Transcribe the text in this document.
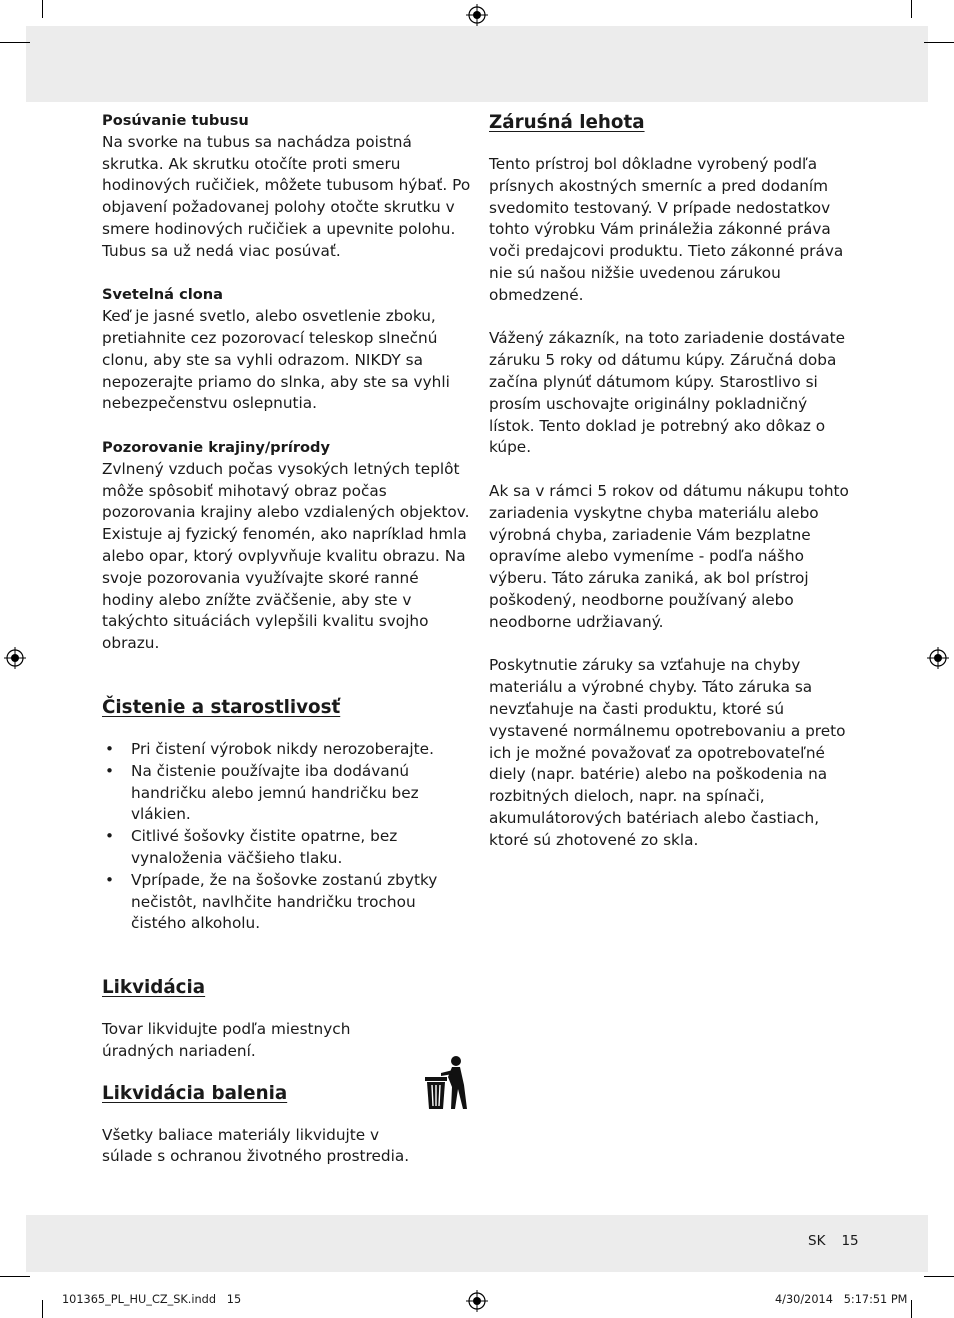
Posúvanie tubusu

Na svorke na tubus sa nachádza poistná skrutka. Ak skrutku otočíte proti smeru hodinových ručičiek, môžete tubusom hýbať. Po objavení požadovanej polohy otočte skrutku v smere hodinových ručičiek a upevnite polohu. Tubus sa už nedá viac posúvať.

Svetelná clona

Keď je jasné svetlo, alebo osvetlenie zboku, pretiahnite cez pozorovací teleskop slnečnú clonu, aby ste sa vyhli odrazom. NIKDY sa nepozerajte priamo do slnka, aby ste sa vyhli nebezpečenstvu oslepnutia.

Pozorovanie krajiny/prírody

Zvlnený vzduch počas vysokých letných teplôt môže spôsobiť mihotavý obraz počas pozorovania krajiny alebo vzdialených objektov. Existuje aj fyzický fenomén, ako napríklad hmla alebo opar, ktorý ovplyvňuje kvalitu obrazu. Na svoje pozorovania využívajte skoré ranné hodiny alebo znížte zväčšenie, aby ste v takýchto situáciách vylepšili kvalitu svojho obrazu.

Čistenie a starostlivosť
• Pri čistení výrobok nikdy nerozoberajte.
• Na čistenie používajte iba dodávanú handričku alebo jemnú handričku bez vlákien.
• Citlivé šošovky čistite opatrne, bez vynaloženia väčšieho tlaku.
• Vprípade, že na šošovke zostanú zbytky nečistôt, navlhčite handričku trochou čistého alkoholu.
Likvidácia

Tovar likvidujte podľa miestnych úradných nariadení.

Likvidácia balenia

Všetky baliace materiály likvidujte v súlade s ochranou životného prostredia.

Záruśná lehota

Tento prístroj bol dôkladne vyrobený podľa prísnych akostných smerníc a pred dodaním svedomito testovaný. V prípade nedostatkov tohto výrobku Vám prináležia zákonné práva voči predajcovi produktu. Tieto zákonné práva nie sú našou nižšie uvedenou zárukou obmedzené.

Vážený zákazník, na toto zariadenie dostávate záruku 5 roky od dátumu kúpy. Záručná doba začína plynúť dátumom kúpy. Starostlivo si prosím uschovajte originálny pokladničný lístok. Tento doklad je potrebný ako dôkaz o kúpe.

Ak sa v rámci 5 rokov od dátumu nákupu tohto zariadenia vyskytne chyba materiálu alebo výrobná chyba, zariadenie Vám bezplatne opravíme alebo vymeníme - podľa nášho výberu. Táto záruka zaniká, ak bol prístroj poškodený, neodborne používaný alebo neodborne udržiavaný.

Poskytnutie záruky sa vzťahuje na chyby materiálu a výrobné chyby. Táto záruka sa nevzťahuje na časti produktu, ktoré sú vystavené normálnemu opotrebovaniu a preto ich je možné považovať za opotrebovateľné diely (napr. batérie) alebo na poškodenia na rozbitných dieloch, napr. na spínači, akumulátorových batériach alebo častiach, ktoré sú zhotovené zo skla.

SK 15
101365_PL_HU_CZ_SK.indd   15	4/30/2014   5:17:51 PM
